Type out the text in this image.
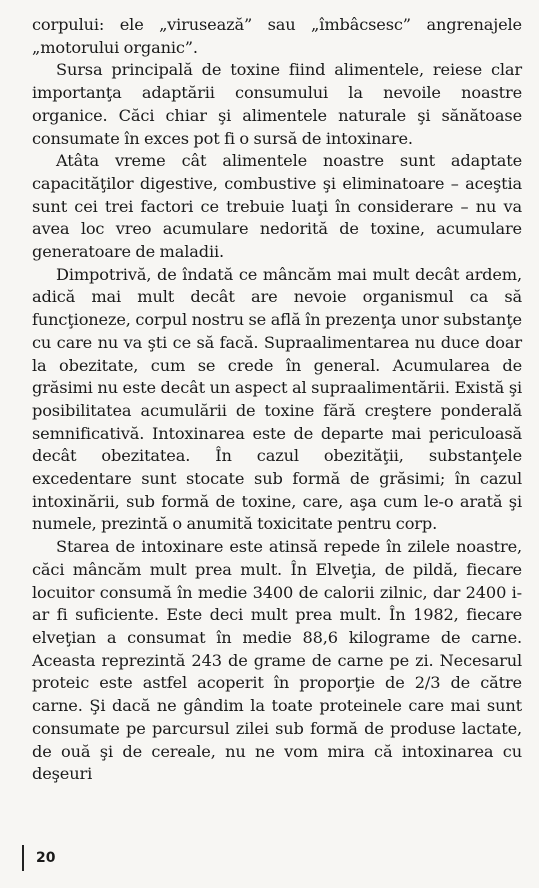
corpului: ele „virusează” sau „îmbâcsesc” angrenajele „motorului organic”.

Sursa principală de toxine fiind alimentele, reiese clar importanţa adaptării consumului la nevoile noastre organice. Căci chiar şi alimentele naturale şi sănătoase consumate în exces pot fi o sursă de intoxinare.

Atâta vreme cât alimentele noastre sunt adaptate capacităţilor digestive, combustive şi eliminatoare – aceştia sunt cei trei factori ce trebuie luaţi în considerare – nu va avea loc vreo acumulare nedorită de toxine, acumulare generatoare de maladii.

Dimpotrivă, de îndată ce mâncăm mai mult decât ardem, adică mai mult decât are nevoie organismul ca să funcţioneze, corpul nostru se află în prezenţa unor substanţe cu care nu va şti ce să facă. Supraalimentarea nu duce doar la obezitate, cum se crede în general. Acumularea de grăsimi nu este decât un aspect al supraalimentării. Există şi posibilitatea acumulării de toxine fără creştere ponderală semnificativă. Intoxinarea este de departe mai periculoasă decât obezitatea. În cazul obezităţii, substanţele excedentare sunt stocate sub formă de grăsimi; în cazul intoxinării, sub formă de toxine, care, aşa cum le-o arată şi numele, prezintă o anumită toxicitate pentru corp.

Starea de intoxinare este atinsă repede în zilele noastre, căci mâncăm mult prea mult. În Elveţia, de pildă, fiecare locuitor consumă în medie 3400 de calorii zilnic, dar 2400 i-ar fi suficiente. Este deci mult prea mult. În 1982, fiecare elveţian a consumat în medie 88,6 kilograme de carne. Aceasta reprezintă 243 de grame de carne pe zi. Necesarul proteic este astfel acoperit în proporţie de 2/3 de către carne. Şi dacă ne gândim la toate proteinele care mai sunt consumate pe parcursul zilei sub formă de produse lactate, de ouă şi de cereale, nu ne vom mira că intoxinarea cu deşeuri

20
